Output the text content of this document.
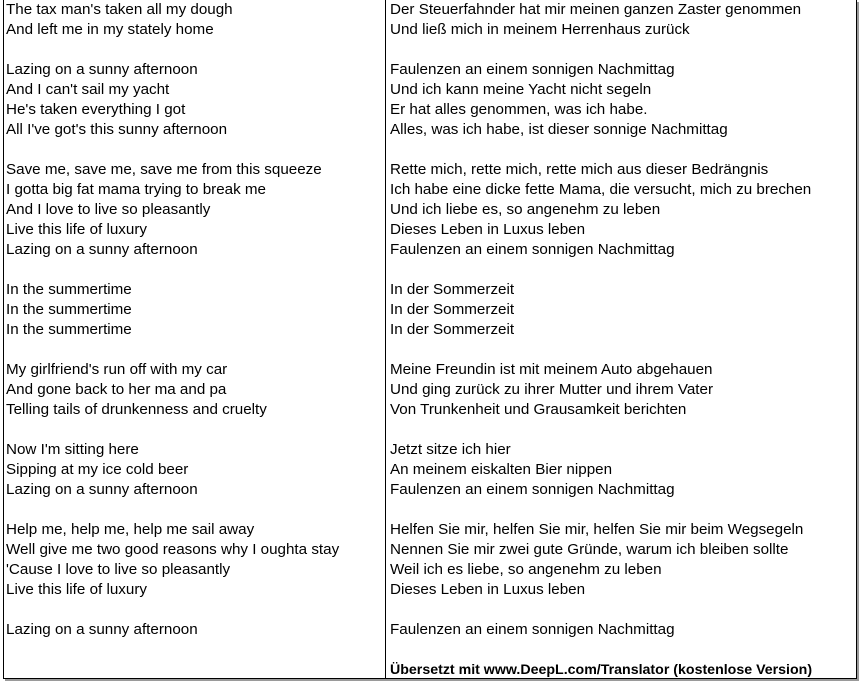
The tax man's taken all my dough
And left me in my stately home
Lazing on a sunny afternoon
And I can't sail my yacht
He's taken everything I got
All I've got's this sunny afternoon
Save me, save me, save me from this squeeze
I gotta big fat mama trying to break me
And I love to live so pleasantly
Live this life of luxury
Lazing on a sunny afternoon
In the summertime
In the summertime
In the summertime
My girlfriend's run off with my car
And gone back to her ma and pa
Telling tails of drunkenness and cruelty
Now I'm sitting here
Sipping at my ice cold beer
Lazing on a sunny afternoon
Help me, help me, help me sail away
Well give me two good reasons why I oughta stay
'Cause I love to live so pleasantly
Live this life of luxury
Lazing on a sunny afternoon
Der Steuerfahnder hat mir meinen ganzen Zaster genommen
Und ließ mich in meinem Herrenhaus zurück
Faulenzen an einem sonnigen Nachmittag
Und ich kann meine Yacht nicht segeln
Er hat alles genommen, was ich habe.
Alles, was ich habe, ist dieser sonnige Nachmittag
Rette mich, rette mich, rette mich aus dieser Bedrängnis
Ich habe eine dicke fette Mama, die versucht, mich zu brechen
Und ich liebe es, so angenehm zu leben
Dieses Leben in Luxus leben
Faulenzen an einem sonnigen Nachmittag
In der Sommerzeit
In der Sommerzeit
In der Sommerzeit
Meine Freundin ist mit meinem Auto abgehauen
Und ging zurück zu ihrer Mutter und ihrem Vater
Von Trunkenheit und Grausamkeit berichten
Jetzt sitze ich hier
An meinem eiskalten Bier nippen
Faulenzen an einem sonnigen Nachmittag
Helfen Sie mir, helfen Sie mir, helfen Sie mir beim Wegsegeln
Nennen Sie mir zwei gute Gründe, warum ich bleiben sollte
Weil ich es liebe, so angenehm zu leben
Dieses Leben in Luxus leben
Faulenzen an einem sonnigen Nachmittag
Übersetzt mit www.DeepL.com/Translator (kostenlose Version)
